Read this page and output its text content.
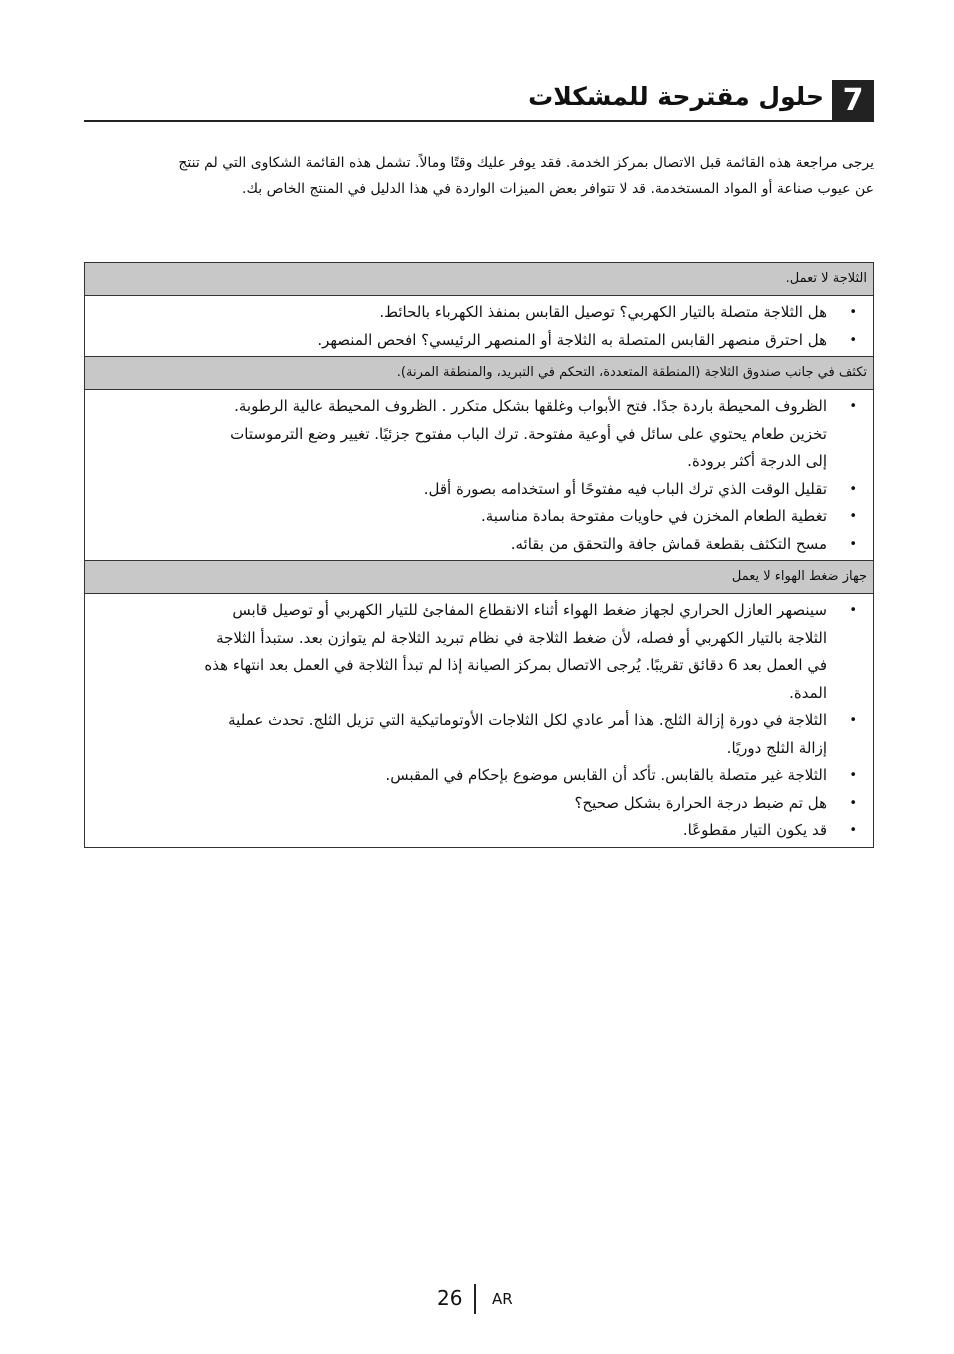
7
حلول مقترحة للمشكلات

يرجى مراجعة هذه القائمة قبل الاتصال بمركز الخدمة. فقد يوفر عليك وقتًا ومالاً. تشمل هذه القائمة الشكاوى التي لم تنتج

عن عيوب صناعة أو المواد المستخدمة. قد لا تتوافر بعض الميزات الواردة في هذا الدليل في المنتج الخاص بك.

الثلاجة لا تعمل.
•
هل الثلاجة متصلة بالتيار الكهربي؟ توصيل القابس بمنفذ الكهرباء بالحائط.
•
هل احترق منصهر القابس المتصلة به الثلاجة أو المنصهر الرئيسي؟ افحص المنصهر.
تكثف في جانب صندوق الثلاجة (المنطقة المتعددة، التحكم في التبريد، والمنطقة المرنة).
•
الظروف المحيطة باردة جدًا. فتح الأبواب وغلقها بشكل متكرر . الظروف المحيطة عالية الرطوبة.
تخزين طعام يحتوي على سائل في أوعية مفتوحة. ترك الباب مفتوح جزئيًا. تغيير وضع الترموستات
إلى الدرجة أكثر برودة.
•
تقليل الوقت الذي ترك الباب فيه مفتوحًا أو استخدامه بصورة أقل.
•
تغطية الطعام المخزن في حاويات مفتوحة بمادة مناسبة.
•
مسح التكثف بقطعة قماش جافة والتحقق من بقائه.
جهاز ضغط الهواء لا يعمل
•
سينصهر العازل الحراري لجهاز ضغط الهواء أثناء الانقطاع المفاجئ للتيار الكهربي أو توصيل قابس
الثلاجة بالتيار الكهربي أو فصله، لأن ضغط الثلاجة في نظام تبريد الثلاجة لم يتوازن بعد. ستبدأ الثلاجة
في العمل بعد 6 دقائق تقريبًا. يُرجى الاتصال بمركز الصيانة إذا لم تبدأ الثلاجة في العمل بعد انتهاء هذه
المدة.
•
الثلاجة في دورة إزالة الثلج. هذا أمر عادي لكل الثلاجات الأوتوماتيكية التي تزيل الثلج. تحدث عملية
إزالة الثلج دوريًا.
•
الثلاجة غير متصلة بالقابس. تأكد أن القابس موضوع بإحكام في المقبس.
•
هل تم ضبط درجة الحرارة بشكل صحيح؟
•
قد يكون التيار مقطوعًا.
26 AR
